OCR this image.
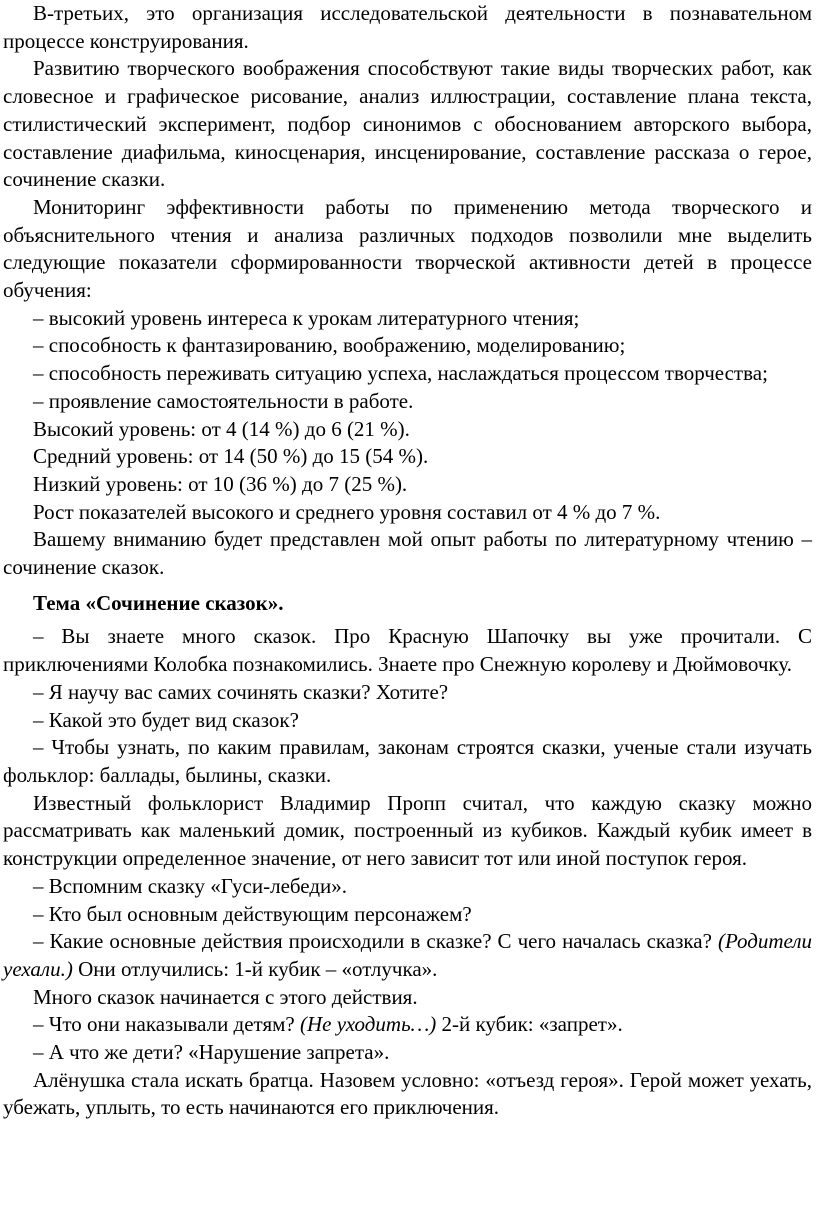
В-третьих, это организация исследовательской деятельности в познавательном процессе конструирования.

Развитию творческого воображения способствуют такие виды творческих работ, как словесное и графическое рисование, анализ иллюстрации, составление плана текста, стилистический эксперимент, подбор синонимов с обоснованием авторского выбора, составление диафильма, киносценария, инсценирование, составление рассказа о герое, сочинение сказки.

Мониторинг эффективности работы по применению метода творческого и объяснительного чтения и анализа различных подходов позволили мне выделить следующие показатели сформированности творческой активности детей в процессе обучения:

– высокий уровень интереса к урокам литературного чтения;

– способность к фантазированию, воображению, моделированию;

– способность переживать ситуацию успеха, наслаждаться процессом творчества;

– проявление самостоятельности в работе.

Высокий уровень: от 4 (14 %) до 6 (21 %).

Средний уровень: от 14 (50 %) до 15 (54 %).

Низкий уровень: от 10 (36 %) до 7 (25 %).

Рост показателей высокого и среднего уровня составил от 4 % до 7 %.

Вашему вниманию будет представлен мой опыт работы по литературному чтению – сочинение сказок.

Тема «Сочинение сказок».

– Вы знаете много сказок. Про Красную Шапочку вы уже прочитали. С приключениями Колобка познакомились. Знаете про Снежную королеву и Дюймовочку.

– Я научу вас самих сочинять сказки? Хотите?

– Какой это будет вид сказок?

– Чтобы узнать, по каким правилам, законам строятся сказки, ученые стали изучать фольклор: баллады, былины, сказки.

Известный фольклорист Владимир Пропп считал, что каждую сказку можно рассматривать как маленький домик, построенный из кубиков. Каждый кубик имеет в конструкции определенное значение, от него зависит тот или иной поступок героя.

– Вспомним сказку «Гуси-лебеди».

– Кто был основным действующим персонажем?

– Какие основные действия происходили в сказке? С чего началась сказка? (Родители уехали.) Они отлучились: 1-й кубик – «отлучка».

Много сказок начинается с этого действия.

– Что они наказывали детям? (Не уходить…) 2-й кубик: «запрет».

– А что же дети? «Нарушение запрета».

Алёнушка стала искать братца. Назовем условно: «отъезд героя». Герой может уехать, убежать, уплыть, то есть начинаются его приключения.
